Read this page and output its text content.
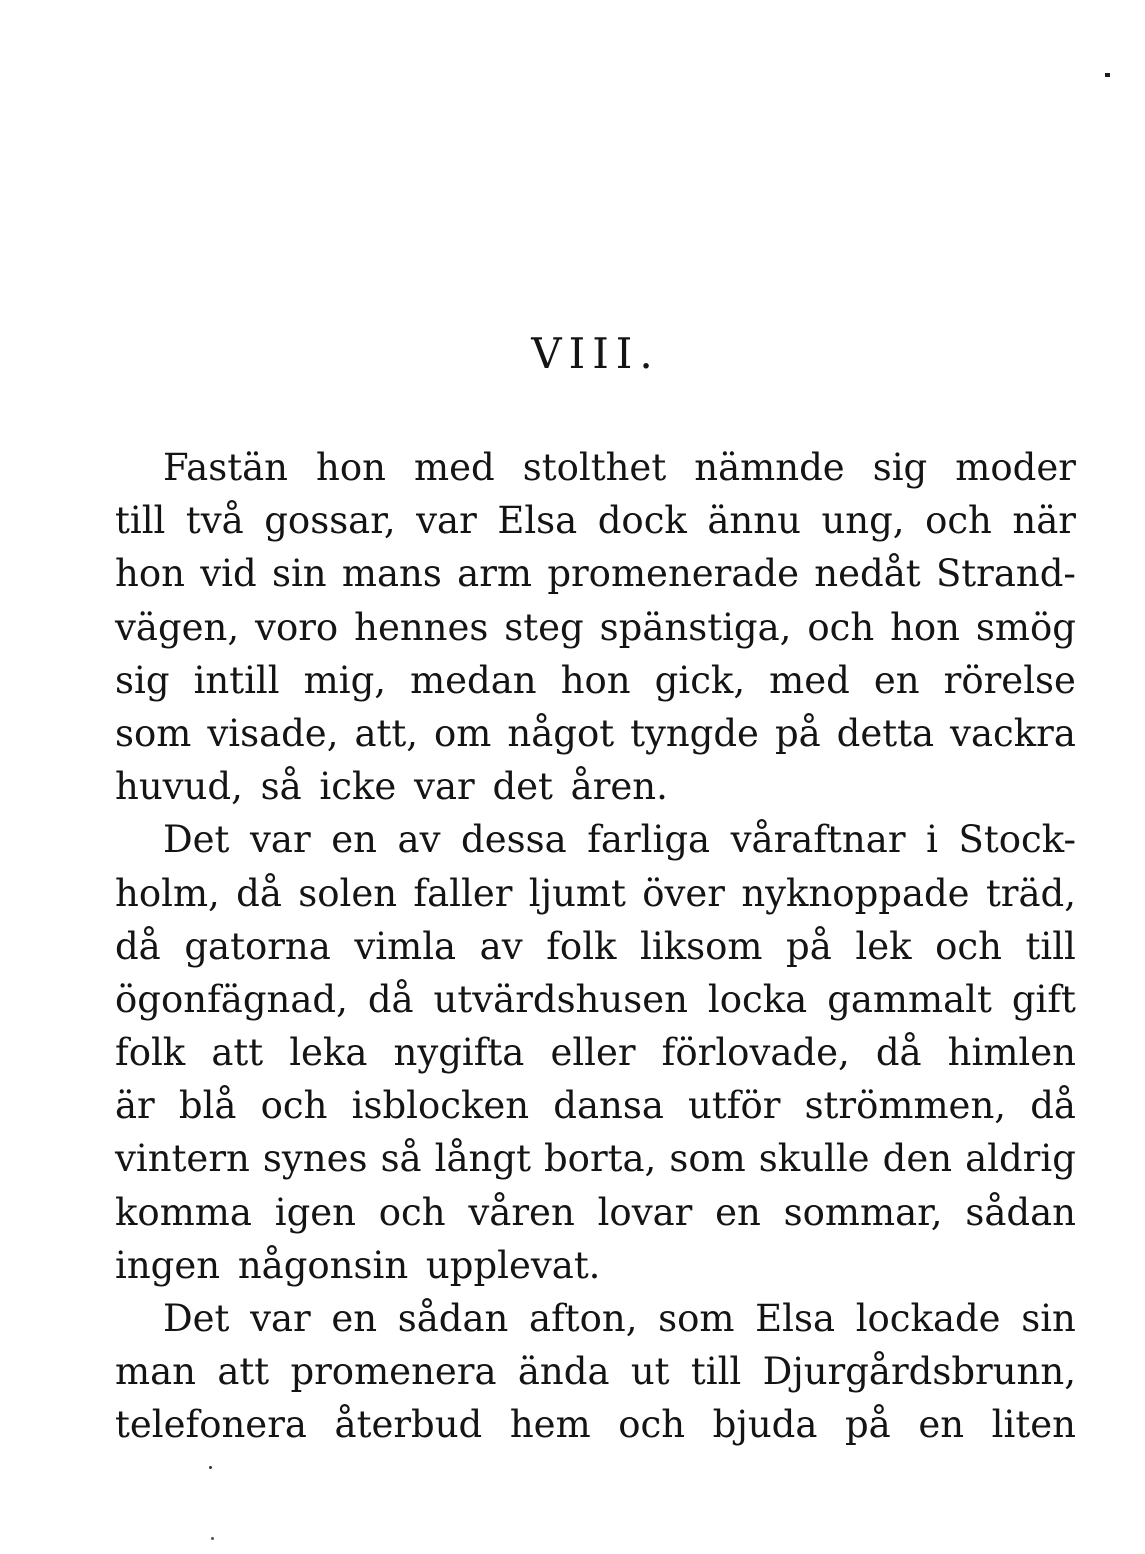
VIII.
Fastän hon med stolthet nämnde sig moder
till två gossar, var Elsa dock ännu ung, och när
hon vid sin mans arm promenerade nedåt Strand-
vägen, voro hennes steg spänstiga, och hon smög
sig intill mig, medan hon gick, med en rörelse
som visade, att, om något tyngde på detta vackra
huvud, så icke var det åren.
Det var en av dessa farliga våraftnar i Stock-
holm, då solen faller ljumt över nyknoppade träd,
då gatorna vimla av folk liksom på lek och till
ögonfägnad, då utvärdshusen locka gammalt gift
folk att leka nygifta eller förlovade, då himlen
är blå och isblocken dansa utför strömmen, då
vintern synes så långt borta, som skulle den aldrig
komma igen och våren lovar en sommar, sådan
ingen någonsin upplevat.
Det var en sådan afton, som Elsa lockade sin
man att promenera ända ut till Djurgårdsbrunn,
telefonera återbud hem och bjuda på en liten
